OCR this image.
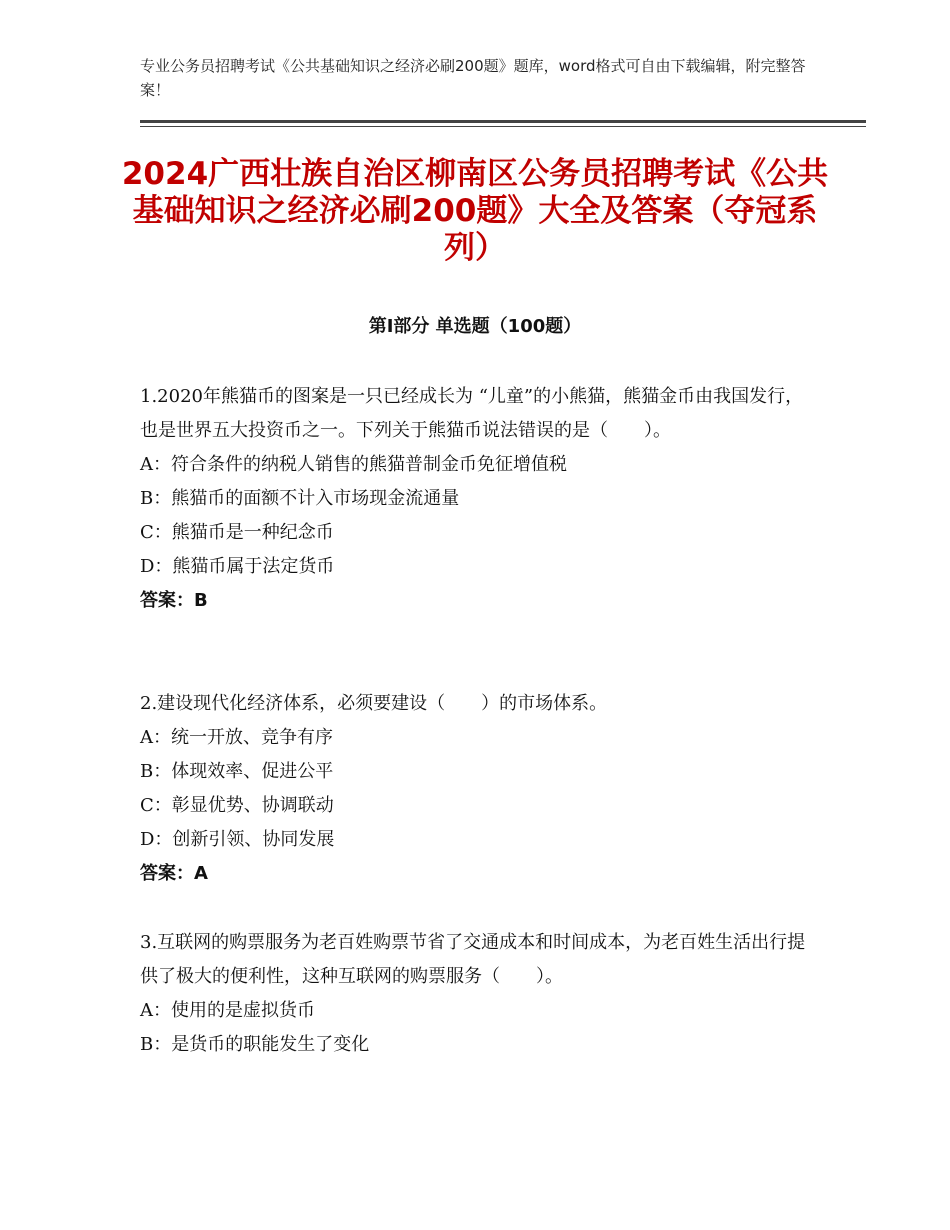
专业公务员招聘考试《公共基础知识之经济必刷200题》题库，word格式可自由下载编辑，附完整答案！
2024广西壮族自治区柳南区公务员招聘考试《公共基础知识之经济必刷200题》大全及答案（夺冠系列）
第Ⅰ部分 单选题（100题）

1.2020年熊猫币的图案是一只已经成长为 “儿童”的小熊猫，熊猫金币由我国发行，也是世界五大投资币之一。下列关于熊猫币说法错误的是（　　）。

A：符合条件的纳税人销售的熊猫普制金币免征增值税

B：熊猫币的面额不计入市场现金流通量

C：熊猫币是一种纪念币

D：熊猫币属于法定货币

答案：B

2.建设现代化经济体系，必须要建设（　　）的市场体系。

A：统一开放、竞争有序

B：体现效率、促进公平

C：彰显优势、协调联动

D：创新引领、协同发展

答案：A

3.互联网的购票服务为老百姓购票节省了交通成本和时间成本，为老百姓生活出行提供了极大的便利性，这种互联网的购票服务（　　）。

A：使用的是虚拟货币

B：是货币的职能发生了变化
